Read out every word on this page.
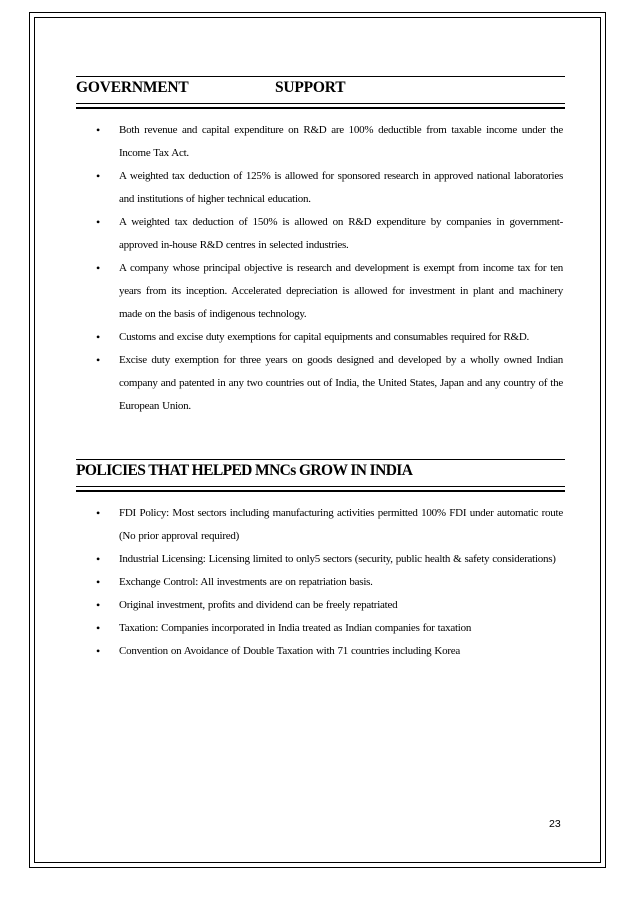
GOVERNMENT    SUPPORT
• Both revenue and capital expenditure on R&D are 100% deductible from taxable income under the Income Tax Act.
• A weighted tax deduction of 125% is allowed for sponsored research in approved national laboratories and institutions of higher technical education.
• A weighted tax deduction of 150% is allowed on R&D expenditure by companies in government-approved in-house R&D centres in selected industries.
• A company whose principal objective is research and development is exempt from income tax for ten years from its inception. Accelerated depreciation is allowed for investment in plant and machinery made on the basis of indigenous technology.
• Customs and excise duty exemptions for capital equipments and consumables required for R&D.
• Excise duty exemption for three years on goods designed and developed by a wholly owned Indian company and patented in any two countries out of India, the United States, Japan and any country of the European Union.
POLICIES THAT HELPED MNCs GROW IN INDIA
• FDI Policy: Most sectors including manufacturing activities permitted 100% FDI under automatic route (No prior approval required)
• Industrial Licensing: Licensing limited to only5 sectors (security, public health & safety considerations)
• Exchange Control: All investments are on repatriation basis.
• Original investment, profits and dividend can be freely repatriated
• Taxation: Companies incorporated in India treated as Indian companies for taxation
• Convention on Avoidance of Double Taxation with 71 countries including Korea
23
